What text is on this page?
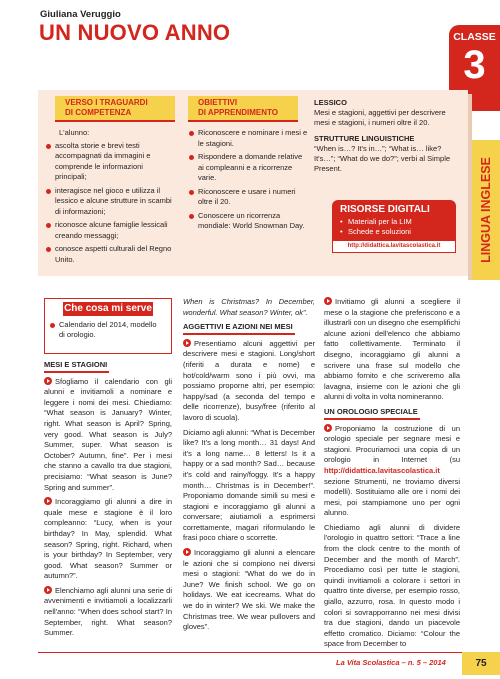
Giuliana Veruggio
UN NUOVO ANNO	CLASSE
3
LINGUA INGLESE
VERSO I TRAGUARDI
DI COMPETENZA
OBIETTIVI
DI APPRENDIMENTO
L'alunno:
ascolta storie e brevi testi accompagnati da immagini e comprende le informazioni principali;
interagisce nel gioco e utilizza il lessico e alcune strutture in scambi di informazioni;
riconosce alcune famiglie lessicali creando messaggi;
conosce aspetti culturali del Regno Unito.
Riconoscere e nominare i mesi e le stagioni.
Rispondere a domande relative ai compleanni e a ricorrenze varie.
Riconoscere e usare i numeri oltre il 20.
Conoscere un ricorrenza mondiale: World Snowman Day.
LESSICO
Mesi e stagioni, aggettivi per descrivere mesi e stagioni, i numeri oltre il 20.
STRUTTURE LINGUISTICHE
“When is…? It's in…”; “What is… like? It's…”; “What do we do?”; verbi al Simple Present.
RISORSE DIGITALI
• Materiali per la LIM
• Schede e soluzioni
http://didattica.lavitascolastica.it
Che cosa mi serve
Calendario del 2014, modello di orologio.
MESI E STAGIONI

Sfogliamo il calendario con gli alunni e invitiamoli a nominare e leggere i nomi dei mesi. Chiediamo: “What season is January? Winter, right. What season is April? Spring, very good. What season is July? Summer, super. What season is October? Autumn, fine”. Per i mesi che stanno a cavallo tra due stagioni, precisiamo: “What season is June? Spring and summer”.

Incoraggiamo gli alunni a dire in quale mese e stagione è il loro compleanno: “Lucy, when is your birthday? In May, splendid. What season? Spring, right. Richard, when is your birthday? In September, very good. What season? Summer or autumn?”.

Elenchiamo agli alunni una serie di avvenimenti e invitiamoli a localizzarli nell'anno: “When does school start? In September, right. What season? Summer.

When is Christmas? In December, wonderful. What season? Winter, ok”.

AGGETTIVI E AZIONI NEI MESI

Presentiamo alcuni aggettivi per descrivere mesi e stagioni. Long/short (riferiti a durata e nome) e hot/cold/warm sono i più ovvi, ma possiamo proporne altri, per esempio: happy/sad (a seconda del tempo e delle ricorrenze), busy/free (riferito al lavoro di scuola).

Diciamo agli alunni: “What is December like? It's a long month… 31 days! And it's a long name… 8 letters! Is it a happy or a sad month? Sad… because it's cold and rainy/foggy. It's a happy month… Christmas is in December!”. Proponiamo domande simili su mesi e stagioni e incoraggiamo gli alunni a conversare; aiutiamoli a esprimersi correttamente, magari riformulando le frasi poco chiare o scorrette.

Incoraggiamo gli alunni a elencare le azioni che si compiono nei diversi mesi o stagioni: “What do we do in June? We finish school. We go on holidays. We eat icecreams. What do we do in winter? We ski. We make the Christmas tree. We wear pullovers and gloves”.

Invitiamo gli alunni a scegliere il mese o la stagione che preferiscono e a illustrarli con un disegno che esemplifichi alcune azioni dell'elenco che abbiamo fatto collettivamente. Terminato il disegno, incoraggiamo gli alunni a scrivere una frase sul modello che abbiamo fornito e che scriveremo alla lavagna, insieme con le azioni che gli alunni di volta in volta nomineranno.

UN OROLOGIO SPECIALE

Proponiamo la costruzione di un orologio speciale per segnare mesi e stagioni. Procuriamoci una copia di un orologio in Internet (su http://didattica.lavitascolastica.it sezione Strumenti, ne troviamo diversi modelli). Sostituiamo alle ore i nomi dei mesi, poi stampiamone uno per ogni alunno.

Chiediamo agli alunni di dividere l'orologio in quattro settori: “Trace a line from the clock centre to the month of December and the month of March”. Procediamo così per tutte le stagioni, quindi invitiamoli a colorare i settori in quattro tinte diverse, per esempio rosso, giallo, azzurro, rosa. In questo modo i colori si sovrapporranno nei mesi divisi tra due stagioni, dando un piacevole effetto cromatico. Diciamo: “Colour the space from December to

La Vita Scolastica – n. 5 – 2014	75
